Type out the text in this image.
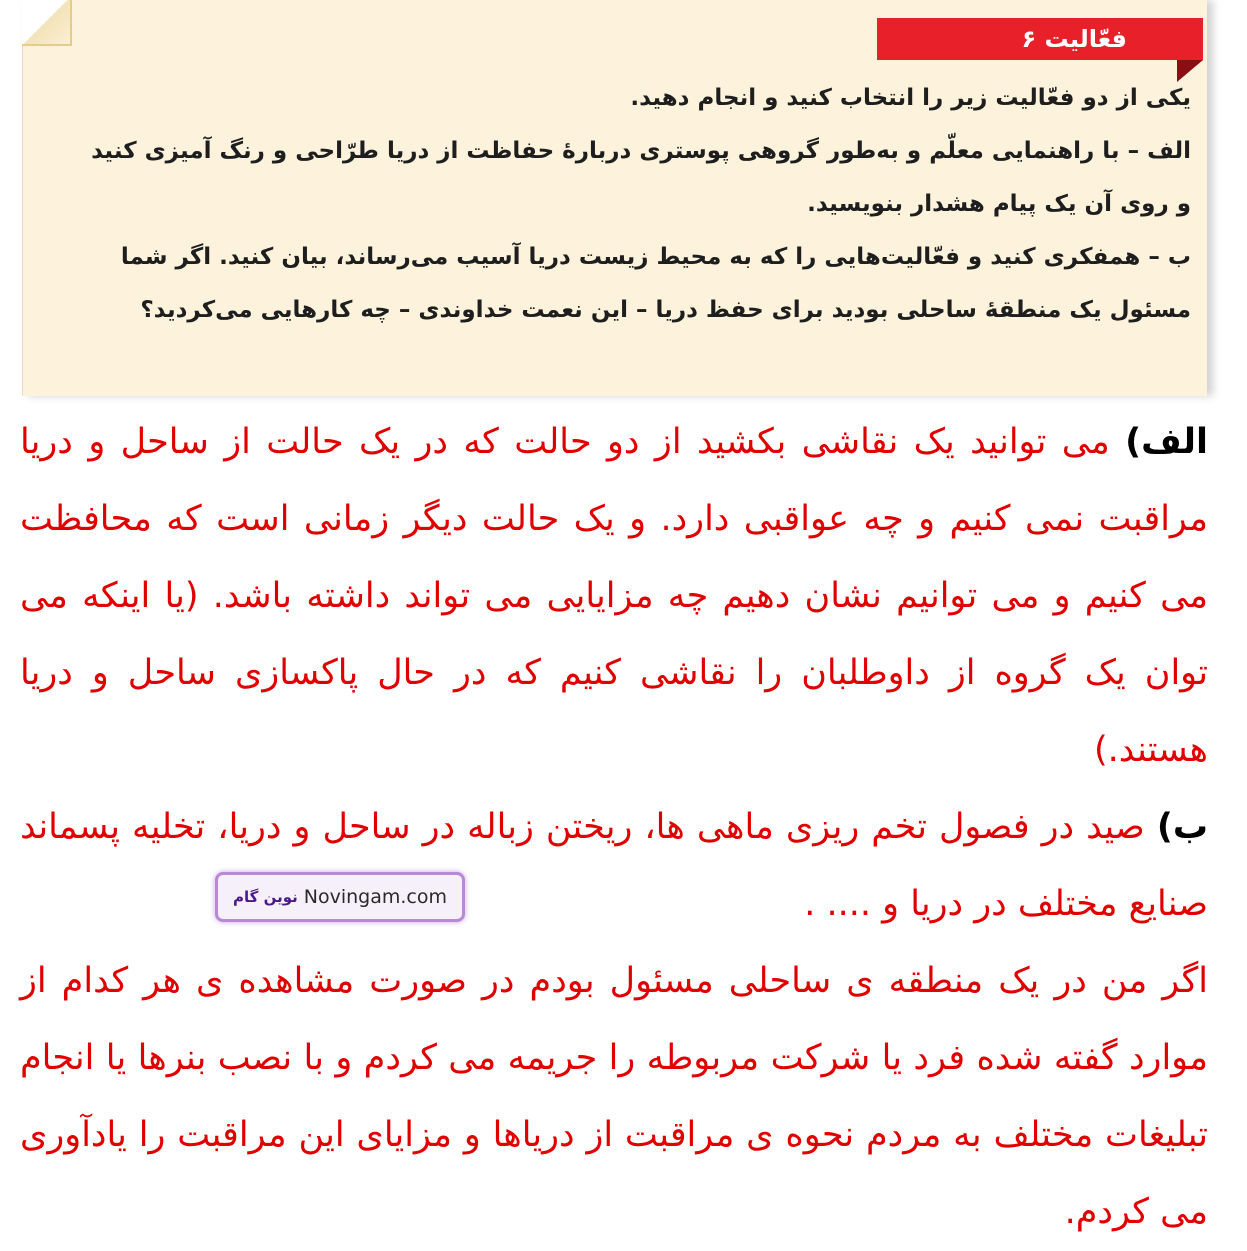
فعّالیت ۶

یکی از دو فعّالیت زیر را انتخاب کنید و انجام دهید.

الف – با راهنمایی معلّم و به‌طور گروهی پوستری دربارهٔ حفاظت از دریا طرّاحی و رنگ آمیزی کنید و روی آن یک پیام هشدار بنویسید.

ب – همفکری کنید و فعّالیت‌هایی را که به محیط زیست دریا آسیب می‌رساند، بیان کنید. اگر شما مسئول یک منطقهٔ ساحلی بودید برای حفظ دریا – این نعمت خداوندی – چه کارهایی می‌کردید؟

الف) می توانید یک نقاشی بکشید از دو حالت که در یک حالت از ساحل و دریا مراقبت نمی کنیم و چه عواقبی دارد. و یک حالت دیگر زمانی است که محافظت می کنیم و می توانیم نشان دهیم چه مزایایی می تواند داشته باشد. (یا اینکه می توان یک گروه از داوطلبان را نقاشی کنیم که در حال پاکسازی ساحل و دریا هستند.)

ب) صید در فصول تخم ریزی ماهی ها، ریختن زباله در ساحل و دریا، تخلیه پسماند صنایع مختلف در دریا و .... .

اگر من در یک منطقه ی ساحلی مسئول بودم در صورت مشاهده ی هر کدام از موارد گفته شده فرد یا شرکت مربوطه را جریمه می کردم و با نصب بنرها یا انجام تبلیغات مختلف به مردم نحوه ی مراقبت از دریاها و مزایای این مراقبت را یادآوری می کردم.

نوین گام Novingam.com
